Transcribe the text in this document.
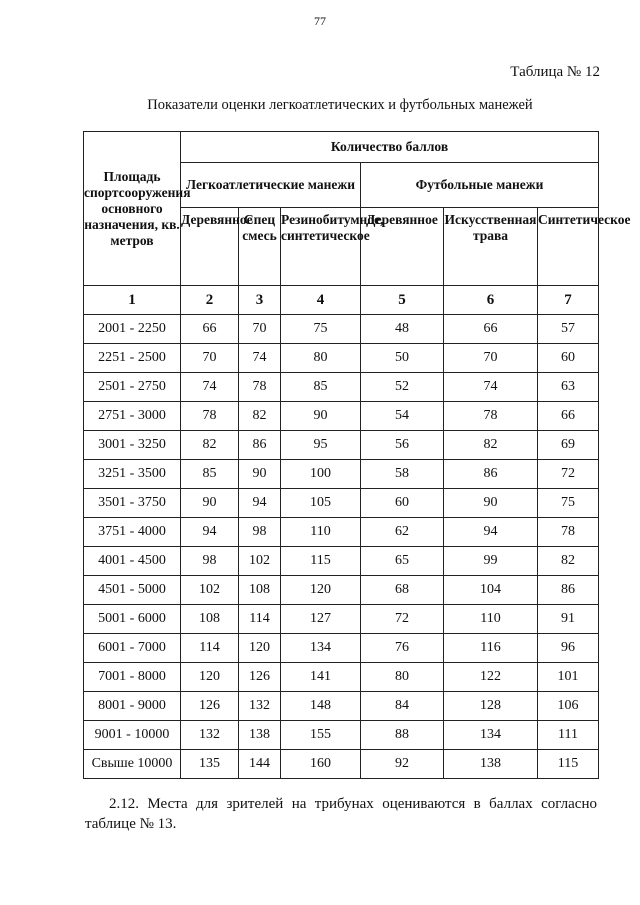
77
Таблица № 12
Показатели оценки легкоатлетических и футбольных манежей
Площадь спортсооружения основного назначения, кв. метров	Количество баллов					
	Легкоатлетические манежи			Футбольные манежи		
	Деревянное	Спец смесь	Резинобитумное, синтетическое	Деревянное	Искусственная трава	Синтетическое
1	2	3	4	5	6	7
2001 - 2250	66	70	75	48	66	57
2251 - 2500	70	74	80	50	70	60
2501 - 2750	74	78	85	52	74	63
2751 - 3000	78	82	90	54	78	66
3001 - 3250	82	86	95	56	82	69
3251 - 3500	85	90	100	58	86	72
3501 - 3750	90	94	105	60	90	75
3751 - 4000	94	98	110	62	94	78
4001 - 4500	98	102	115	65	99	82
4501 - 5000	102	108	120	68	104	86
5001 - 6000	108	114	127	72	110	91
6001 - 7000	114	120	134	76	116	96
7001 - 8000	120	126	141	80	122	101
8001 - 9000	126	132	148	84	128	106
9001 - 10000	132	138	155	88	134	111
Свыше 10000	135	144	160	92	138	115
2.12. Места для зрителей на трибунах оцениваются в баллах согласно таблице № 13.
